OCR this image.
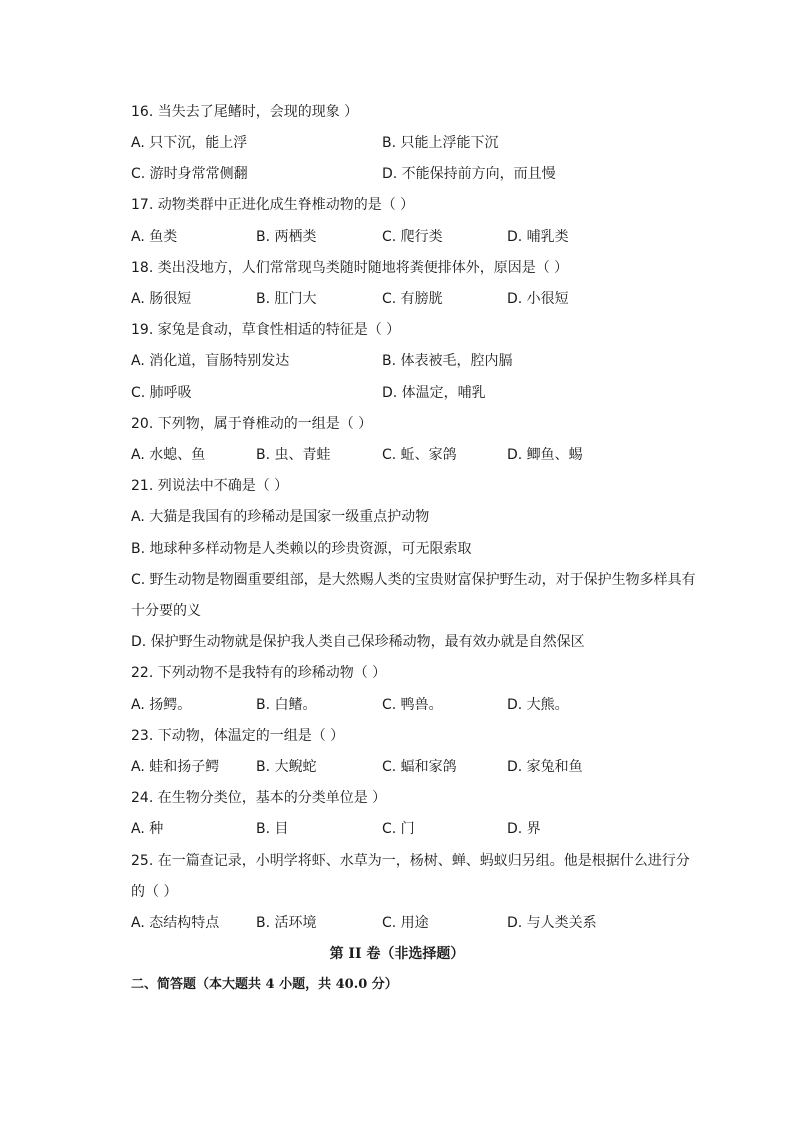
16. 当失去了尾鳍时，会现的现象 ）
A. 只下沉，能上浮	B. 只能上浮能下沉
C. 游时身常常侧翻	D. 不能保持前方向，而且慢
17. 动物类群中正进化成生脊椎动物的是（ ）
A. 鱼类	B. 两栖类	C. 爬行类	D. 哺乳类
18. 类出没地方，人们常常现鸟类随时随地将粪便排体外，原因是（ ）
A. 肠很短	B. 肛门大	C. 有膀胱	D. 小很短
19. 家兔是食动，草食性相适的特征是（ ）
A. 消化道，盲肠特别发达	B. 体表被毛，腔内膈
C. 肺呼吸	D. 体温定，哺乳
20. 下列物，属于脊椎动的一组是（ ）
A. 水螅、鱼	B. 虫、青蛙	C. 蚯、家鸽	D. 鲫鱼、蜴
21. 列说法中不确是（ ）
A. 大猫是我国有的珍稀动是国家一级重点护动物
B. 地球种多样动物是人类赖以的珍贵资源，可无限索取
C. 野生动物是物圈重要组部，是大然赐人类的宝贵财富保护野生动，对于保护生物多样具有
十分要的义
D. 保护野生动物就是保护我人类自己保珍稀动物，最有效办就是自然保区
22. 下列动物不是我特有的珍稀动物（ ）
A. 扬鳄。	B. 白鳍。	C. 鸭兽。	D. 大熊。
23. 下动物，体温定的一组是（ ）
A. 蛙和扬子鳄	B. 大鲵蛇	C. 蝠和家鸽	D. 家兔和鱼
24. 在生物分类位，基本的分类单位是 ）
A. 种	B. 目	C. 门	D. 界
25. 在一篇查记录，小明学将虾、水草为一，杨树、蝉、蚂蚁归另组。他是根据什么进行分
的（ ）
A. 态结构特点	B. 活环境	C. 用途	D. 与人类关系
第 II 卷（非选择题）
二、简答题（本大题共 4 小题，共 40.0 分）
